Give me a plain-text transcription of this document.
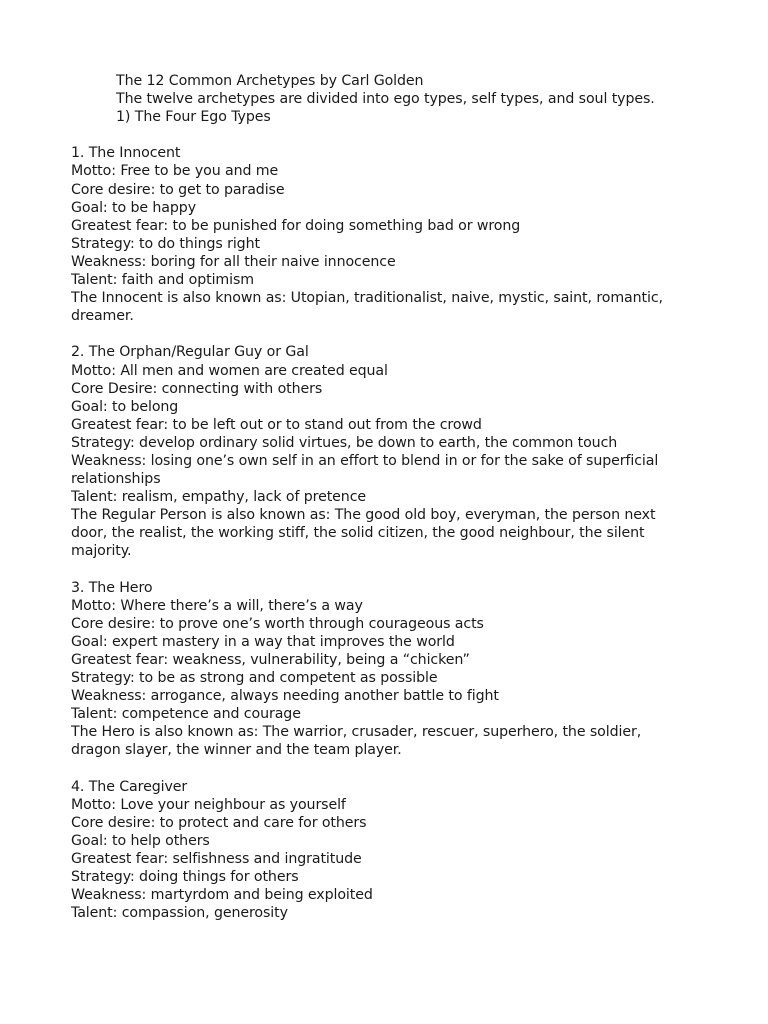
The 12 Common Archetypes by Carl Golden

The twelve archetypes are divided into ego types, self types, and soul types.

1) The Four Ego Types

1. The Innocent

Motto: Free to be you and me

Core desire: to get to paradise

Goal: to be happy

Greatest fear: to be punished for doing something bad or wrong

Strategy: to do things right

Weakness: boring for all their naive innocence

Talent: faith and optimism

The Innocent is also known as: Utopian, traditionalist, naive, mystic, saint, romantic, dreamer.

2. The Orphan/Regular Guy or Gal

Motto: All men and women are created equal

Core Desire: connecting with others

Goal: to belong

Greatest fear: to be left out or to stand out from the crowd

Strategy: develop ordinary solid virtues, be down to earth, the common touch

Weakness: losing one’s own self in an effort to blend in or for the sake of superficial relationships

Talent: realism, empathy, lack of pretence

The Regular Person is also known as: The good old boy, everyman, the person next door, the realist, the working stiff, the solid citizen, the good neighbour, the silent majority.

3. The Hero

Motto: Where there’s a will, there’s a way

Core desire: to prove one’s worth through courageous acts

Goal: expert mastery in a way that improves the world

Greatest fear: weakness, vulnerability, being a “chicken”

Strategy: to be as strong and competent as possible

Weakness: arrogance, always needing another battle to fight

Talent: competence and courage

The Hero is also known as: The warrior, crusader, rescuer, superhero, the soldier, dragon slayer, the winner and the team player.

4. The Caregiver

Motto: Love your neighbour as yourself

Core desire: to protect and care for others

Goal: to help others

Greatest fear: selfishness and ingratitude

Strategy: doing things for others

Weakness: martyrdom and being exploited

Talent: compassion, generosity
